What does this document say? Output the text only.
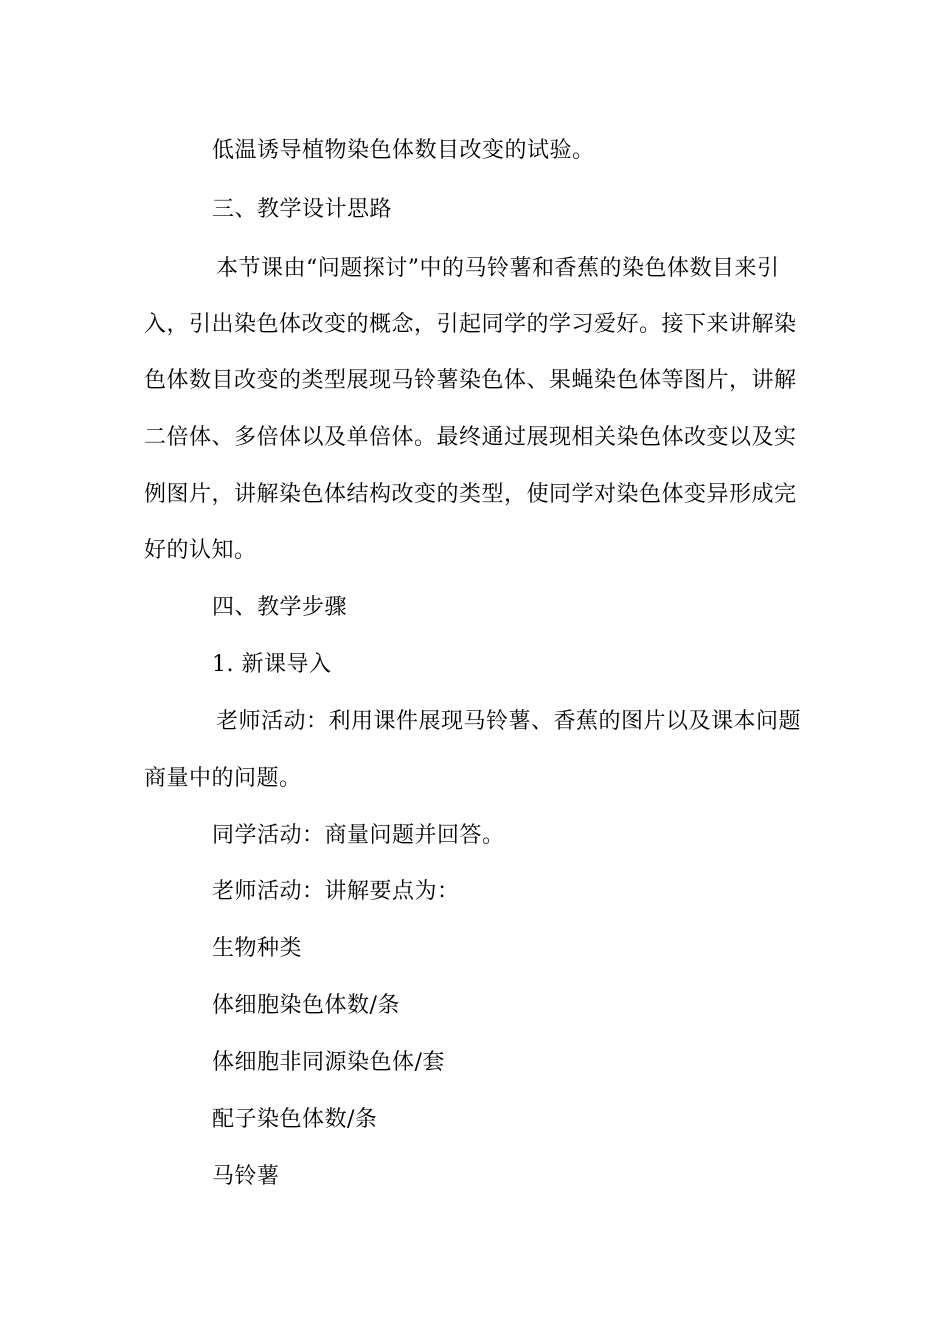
低温诱导植物染色体数目改变的试验。
三、教学设计思路
本节课由“问题探讨”中的马铃薯和香蕉的染色体数目来引
入，引出染色体改变的概念，引起同学的学习爱好。接下来讲解染
色体数目改变的类型展现马铃薯染色体、果蝇染色体等图片，讲解
二倍体、多倍体以及单倍体。最终通过展现相关染色体改变以及实
例图片，讲解染色体结构改变的类型，使同学对染色体变异形成完
好的认知。
四、教学步骤
1. 新课导入
老师活动：利用课件展现马铃薯、香蕉的图片以及课本问题
商量中的问题。
同学活动：商量问题并回答。
老师活动：讲解要点为：
生物种类
体细胞染色体数/条
体细胞非同源染色体/套
配子染色体数/条
马铃薯
